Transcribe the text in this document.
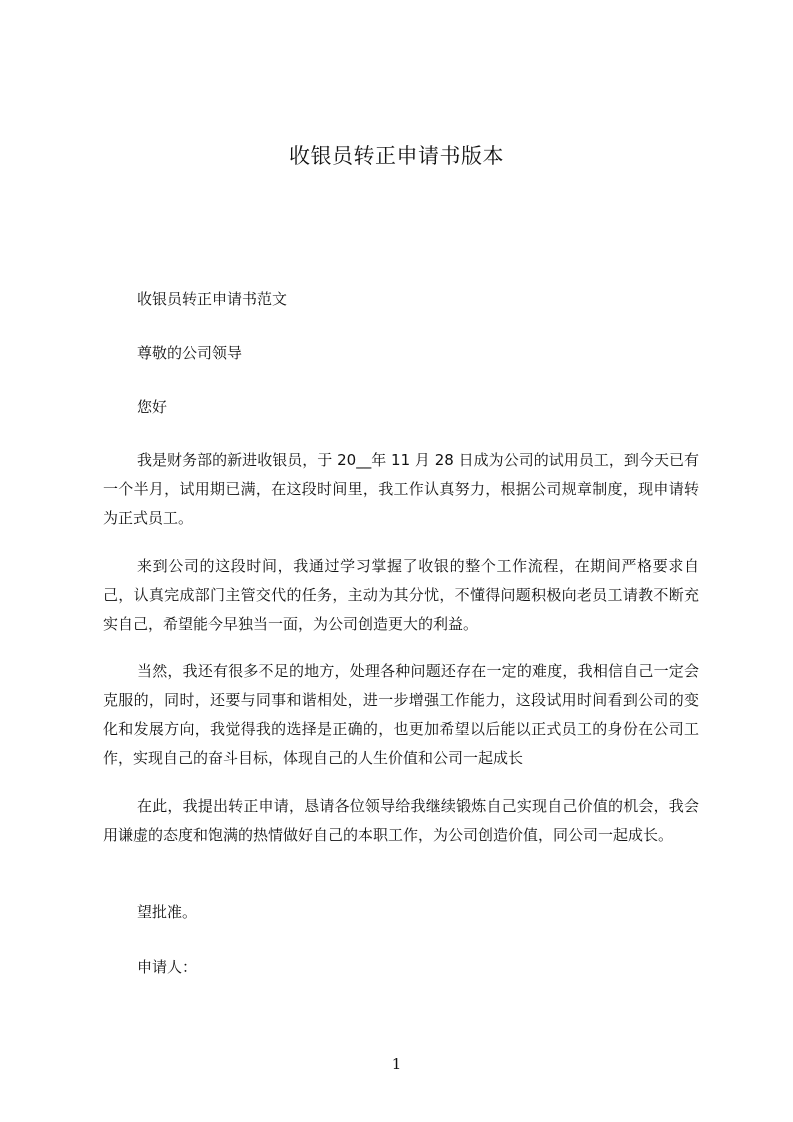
收银员转正申请书版本

收银员转正申请书范文

尊敬的公司领导

您好

我是财务部的新进收银员，于 20__年 11 月 28 日成为公司的试用员工，到今天已有一个半月，试用期已满，在这段时间里，我工作认真努力，根据公司规章制度，现申请转为正式员工。

来到公司的这段时间，我通过学习掌握了收银的整个工作流程，在期间严格要求自己，认真完成部门主管交代的任务，主动为其分忧，不懂得问题积极向老员工请教不断充实自己，希望能今早独当一面，为公司创造更大的利益。

当然，我还有很多不足的地方，处理各种问题还存在一定的难度，我相信自己一定会克服的，同时，还要与同事和谐相处，进一步增强工作能力，这段试用时间看到公司的变化和发展方向，我觉得我的选择是正确的，也更加希望以后能以正式员工的身份在公司工作，实现自己的奋斗目标，体现自己的人生价值和公司一起成长

在此，我提出转正申请，恳请各位领导给我继续锻炼自己实现自己价值的机会，我会用谦虚的态度和饱满的热情做好自己的本职工作，为公司创造价值，同公司一起成长。

望批准。

申请人：

1
